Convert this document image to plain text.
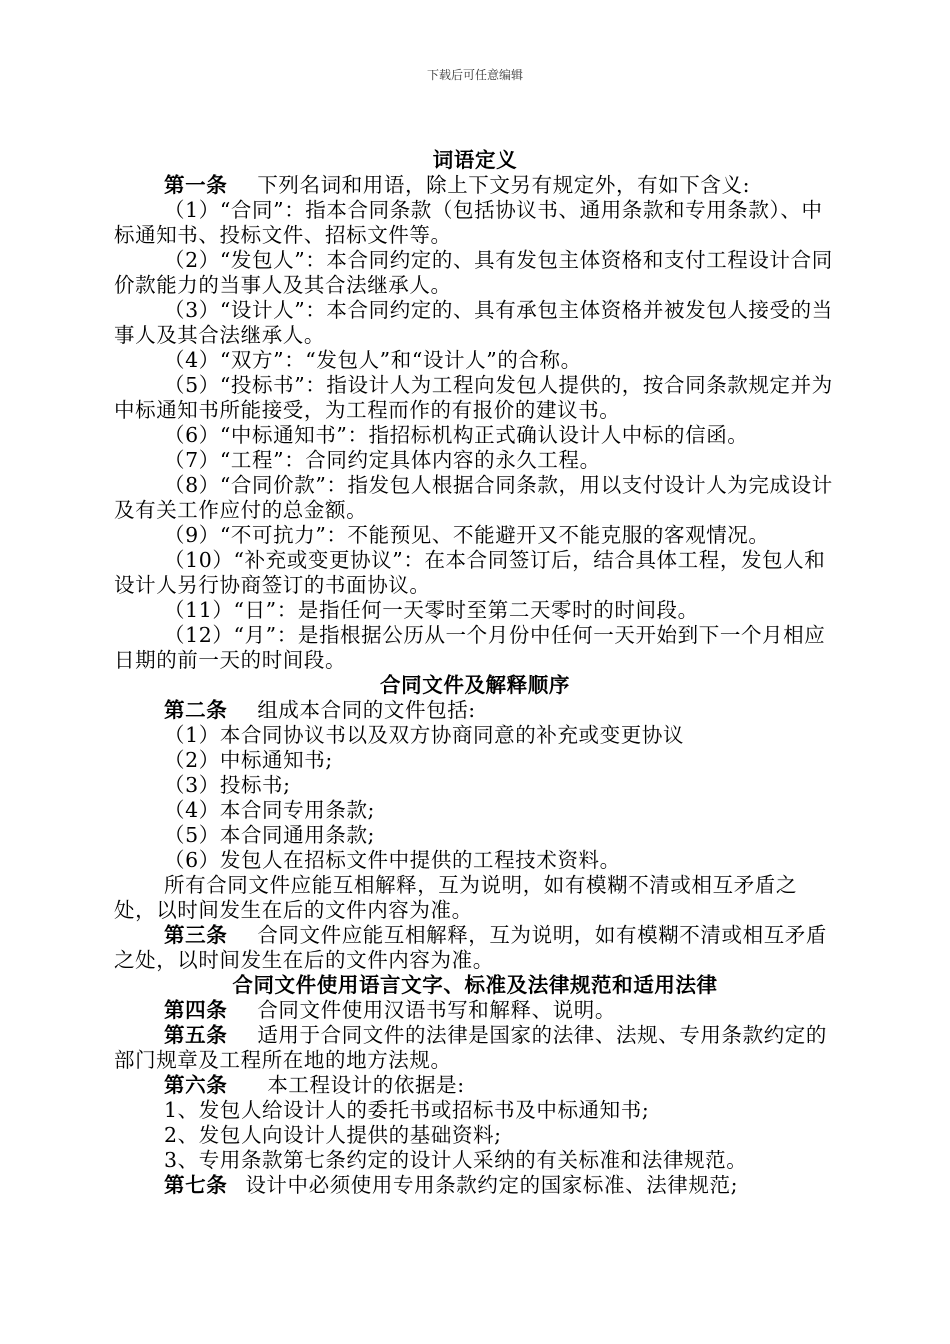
下载后可任意编辑

词语定义

第一条 下列名词和用语，除上下文另有规定外，有如下含义:

（1）“合同”：指本合同条款（包括协议书、通用条款和专用条款）、中标通知书、投标文件、招标文件等。

（2）“发包人”：本合同约定的、具有发包主体资格和支付工程设计合同价款能力的当事人及其合法继承人。

（3）“设计人”：本合同约定的、具有承包主体资格并被发包人接受的当事人及其合法继承人。

（4）“双方”：“发包人”和“设计人”的合称。

（5）“投标书”：指设计人为工程向发包人提供的，按合同条款规定并为中标通知书所能接受，为工程而作的有报价的建议书。

（6）“中标通知书”：指招标机构正式确认设计人中标的信函。

（7）“工程”：合同约定具体内容的永久工程。

（8）“合同价款”：指发包人根据合同条款，用以支付设计人为完成设计及有关工作应付的总金额。

（9）“不可抗力”：不能预见、不能避开又不能克服的客观情况。

（10）“补充或变更协议”：在本合同签订后，结合具体工程，发包人和设计人另行协商签订的书面协议。

（11）“日”：是指任何一天零时至第二天零时的时间段。

（12）“月”：是指根据公历从一个月份中任何一天开始到下一个月相应日期的前一天的时间段。

合同文件及解释顺序

第二条 组成本合同的文件包括:

（1）本合同协议书以及双方协商同意的补充或变更协议

（2）中标通知书;

（3）投标书;

（4）本合同专用条款;

（5）本合同通用条款;

（6）发包人在招标文件中提供的工程技术资料。

所有合同文件应能互相解释，互为说明，如有模糊不清或相互矛盾之处，以时间发生在后的文件内容为准。

第三条 合同文件应能互相解释，互为说明，如有模糊不清或相互矛盾之处，以时间发生在后的文件内容为准。

合同文件使用语言文字、标准及法律规范和适用法律

第四条 合同文件使用汉语书写和解释、说明。

第五条 适用于合同文件的法律是国家的法律、法规、专用条款约定的部门规章及工程所在地的地方法规。

第六条 本工程设计的依据是:

1、发包人给设计人的委托书或招标书及中标通知书;

2、发包人向设计人提供的基础资料;

3、专用条款第七条约定的设计人采纳的有关标准和法律规范。

第七条 设计中必须使用专用条款约定的国家标准、法律规范;
